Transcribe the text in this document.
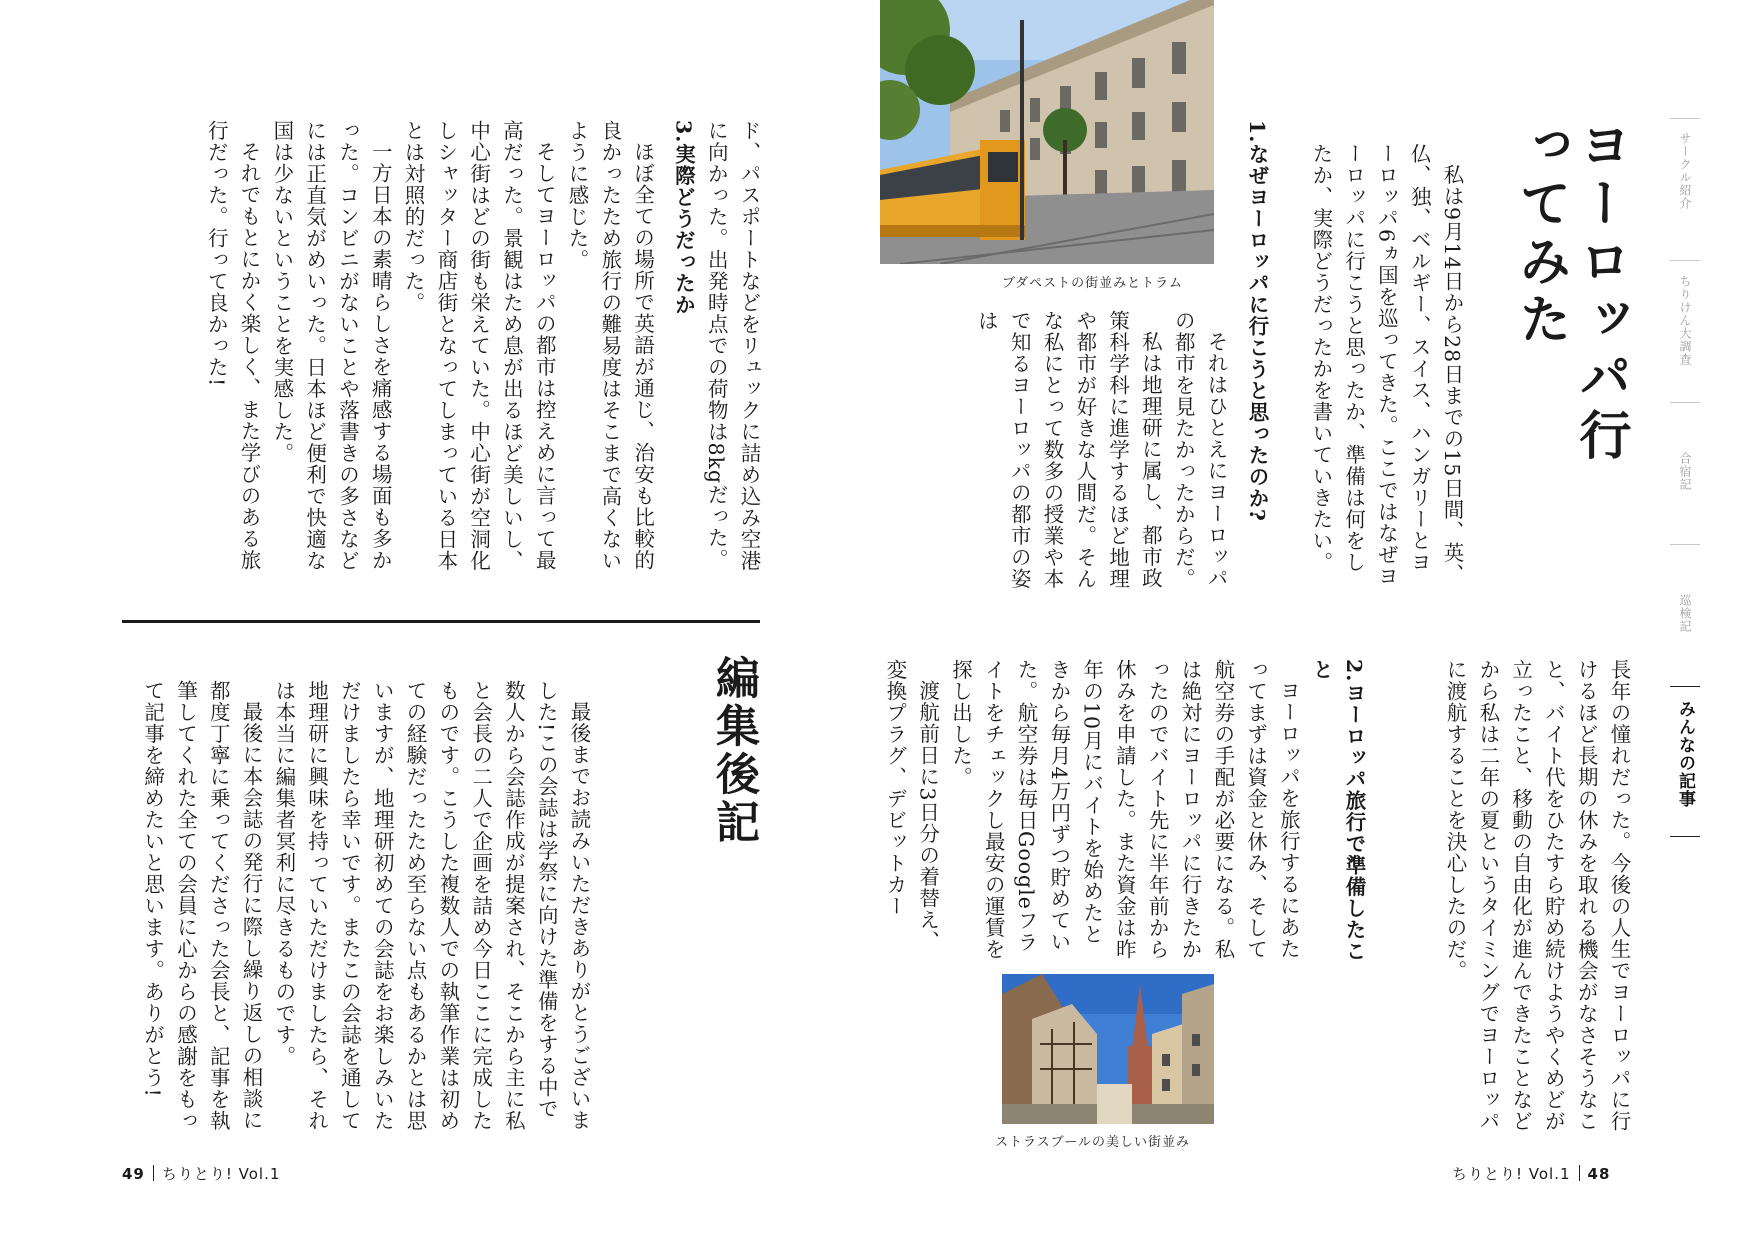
ヨーロッパ行ってみた	サークル紹介
ちりけん大調査
合宿記
巡検記
みんなの記事

私は9月14日から28日までの15日間、英、仏、独、ベルギー、スイス、ハンガリーとヨーロッパ6ヵ国を巡ってきた。ここではなぜヨーロッパに行こうと思ったか、準備は何をしたか、実際どうだったかを書いていきたい。

1.なぜヨーロッパに行こうと思ったのか?

それはひとえにヨーロッパの都市を見たかったからだ。

私は地理研に属し、都市政策科学科に進学するほど地理や都市が好きな人間だ。そんな私にとって数多の授業や本で知るヨーロッパの都市の姿は

ブダペストの街並みとトラム

長年の憧れだった。今後の人生でヨーロッパに行けるほど長期の休みを取れる機会がなさそうなこと、バイト代をひたすら貯め続けようやくめどが立ったこと、移動の自由化が進んできたことなどから私は二年の夏というタイミングでヨーロッパに渡航することを決心したのだ。

2.ヨーロッパ旅行で準備したこと

ヨーロッパを旅行するにあたってまずは資金と休み、そして航空券の手配が必要になる。私は絶対にヨーロッパに行きたかったのでバイト先に半年前から休みを申請した。また資金は昨年の10月にバイトを始めたときから毎月4万円ずつ貯めていた。航空券は毎日Googleフライトをチェックし最安の運賃を探し出した。

渡航前日に3日分の着替え、変換プラグ、デビットカー

ストラスブールの美しい街並み
ちりとり! Vol.1 48

ド、パスポートなどをリュックに詰め込み空港に向かった。出発時点での荷物は8kgだった。

3.実際どうだったか

ほぼ全ての場所で英語が通じ、治安も比較的良かったため旅行の難易度はそこまで高くないように感じた。

そしてヨーロッパの都市は控えめに言って最高だった。景観はため息が出るほど美しいし、中心街はどの街も栄えていた。中心街が空洞化しシャッター商店街となってしまっている日本とは対照的だった。

一方日本の素晴らしさを痛感する場面も多かった。コンビニがないことや落書きの多さなどには正直気がめいった。日本ほど便利で快適な国は少ないということを実感した。

それでもとにかく楽しく、また学びのある旅行だった。行って良かった!

編集後記

最後までお読みいただきありがとうございました!この会誌は学祭に向けた準備をする中で数人から会誌作成が提案され、そこから主に私と会長の二人で企画を詰め今日ここに完成したものです。こうした複数人での執筆作業は初めての経験だったため至らない点もあるかとは思いますが、地理研初めての会誌をお楽しみいただけましたら幸いです。またこの会誌を通して地理研に興味を持っていただけましたら、それは本当に編集者冥利に尽きるものです。

最後に本会誌の発行に際し繰り返しの相談に都度丁寧に乗ってくださった会長と、記事を執筆してくれた全ての会員に心からの感謝をもって記事を締めたいと思います。ありがとう!

49 ちりとり! Vol.1
